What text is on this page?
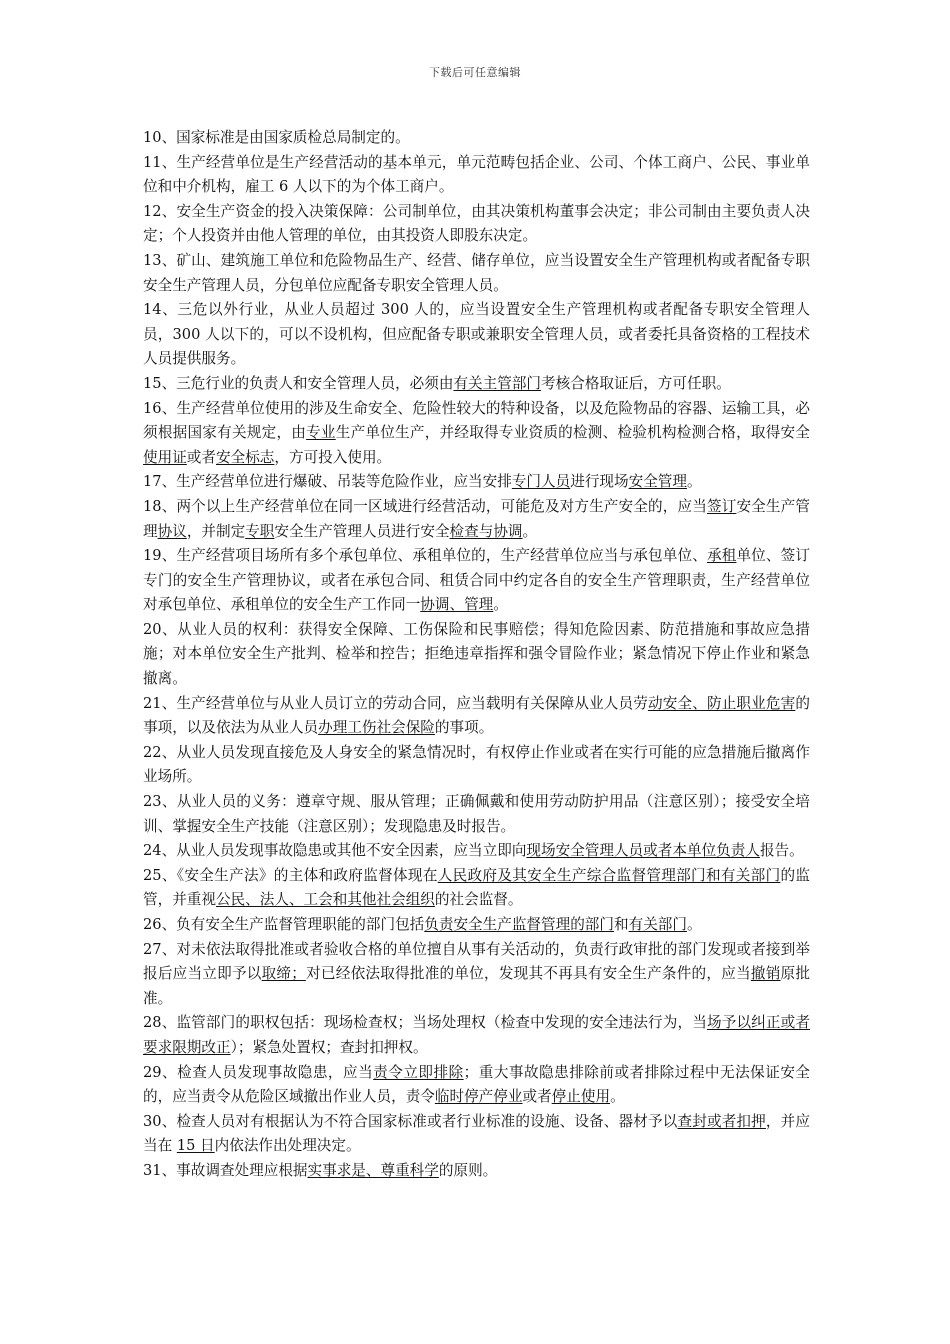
下载后可任意编辑

10、国家标准是由国家质检总局制定的。

11、生产经营单位是生产经营活动的基本单元，单元范畴包括企业、公司、个体工商户、公民、事业单位和中介机构，雇工 6 人以下的为个体工商户。

12、安全生产资金的投入决策保障：公司制单位，由其决策机构董事会决定；非公司制由主要负责人决定；个人投资并由他人管理的单位，由其投资人即股东决定。

13、矿山、建筑施工单位和危险物品生产、经营、储存单位，应当设置安全生产管理机构或者配备专职安全生产管理人员，分包单位应配备专职安全管理人员。

14、三危以外行业，从业人员超过 300 人的，应当设置安全生产管理机构或者配备专职安全管理人员，300 人以下的，可以不设机构，但应配备专职或兼职安全管理人员，或者委托具备资格的工程技术人员提供服务。

15、三危行业的负责人和安全管理人员，必须由有关主管部门考核合格取证后，方可任职。

16、生产经营单位使用的涉及生命安全、危险性较大的特种设备，以及危险物品的容器、运输工具，必须根据国家有关规定，由专业生产单位生产，并经取得专业资质的检测、检验机构检测合格，取得安全使用证或者安全标志，方可投入使用。

17、生产经营单位进行爆破、吊装等危险作业，应当安排专门人员进行现场安全管理。

18、两个以上生产经营单位在同一区域进行经营活动，可能危及对方生产安全的，应当签订安全生产管理协议，并制定专职安全生产管理人员进行安全检查与协调。

19、生产经营项目场所有多个承包单位、承租单位的，生产经营单位应当与承包单位、承租单位、签订专门的安全生产管理协议，或者在承包合同、租赁合同中约定各自的安全生产管理职责，生产经营单位对承包单位、承租单位的安全生产工作同一协调、管理。

20、从业人员的权利：获得安全保障、工伤保险和民事赔偿；得知危险因素、防范措施和事故应急措施；对本单位安全生产批判、检举和控告；拒绝违章指挥和强令冒险作业；紧急情况下停止作业和紧急撤离。

21、生产经营单位与从业人员订立的劳动合同，应当载明有关保障从业人员劳动安全、防止职业危害的事项，以及依法为从业人员办理工伤社会保险的事项。

22、从业人员发现直接危及人身安全的紧急情况时，有权停止作业或者在实行可能的应急措施后撤离作业场所。

23、从业人员的义务：遵章守规、服从管理；正确佩戴和使用劳动防护用品（注意区别）；接受安全培训、掌握安全生产技能（注意区别）；发现隐患及时报告。

24、从业人员发现事故隐患或其他不安全因素，应当立即向现场安全管理人员或者本单位负责人报告。

25、《安全生产法》的主体和政府监督体现在人民政府及其安全生产综合监督管理部门和有关部门的监管，并重视公民、法人、工会和其他社会组织的社会监督。

26、负有安全生产监督管理职能的部门包括负责安全生产监督管理的部门和有关部门。

27、对未依法取得批准或者验收合格的单位擅自从事有关活动的，负责行政审批的部门发现或者接到举报后应当立即予以取缔；对已经依法取得批准的单位，发现其不再具有安全生产条件的，应当撤销原批准。

28、监管部门的职权包括：现场检查权；当场处理权（检查中发现的安全违法行为，当场予以纠正或者要求限期改正）；紧急处置权；查封扣押权。

29、检查人员发现事故隐患，应当责令立即排除；重大事故隐患排除前或者排除过程中无法保证安全的，应当责令从危险区域撤出作业人员，责令临时停产停业或者停止使用。

30、检查人员对有根据认为不符合国家标准或者行业标准的设施、设备、器材予以查封或者扣押，并应当在 15 日内依法作出处理决定。

31、事故调查处理应根据实事求是、尊重科学的原则。
